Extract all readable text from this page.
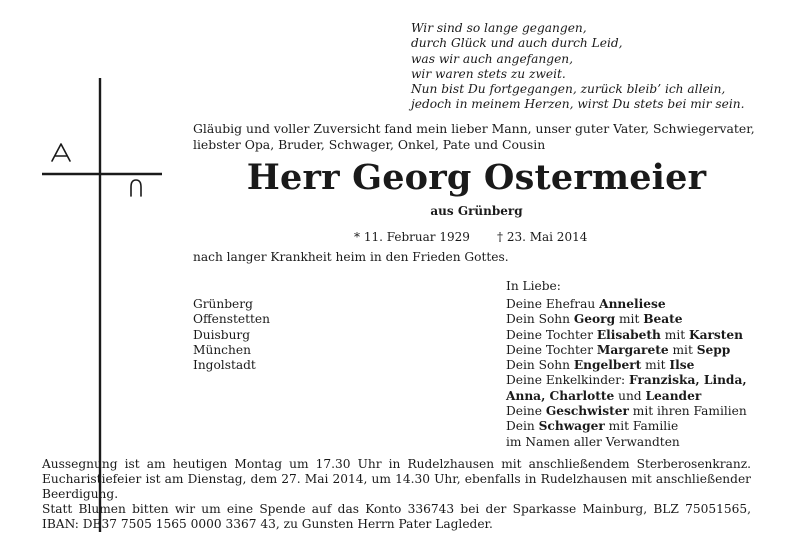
Wir sind so lange gegangen,
durch Glück und auch durch Leid,
was wir auch angefangen,
wir waren stets zu zweit.
Nun bist Du fortgegangen, zurück bleib’ ich allein,
jedoch in meinem Herzen, wirst Du stets bei mir sein.
Gläubig und voller Zuversicht fand mein lieber Mann, unser guter Vater, Schwiegervater,
liebster Opa, Bruder, Schwager, Onkel, Pate und Cousin
Herr Georg Ostermeier
aus Grünberg
* 11. Februar 1929 † 23. Mai 2014
nach langer Krankheit heim in den Frieden Gottes.
In Liebe:
Grünberg
Offenstetten
Duisburg
München
Ingolstadt
Deine Ehefrau Anneliese
Dein Sohn Georg mit Beate
Deine Tochter Elisabeth mit Karsten
Deine Tochter Margarete mit Sepp
Dein Sohn Engelbert mit Ilse
Deine Enkelkinder: Franziska, Linda,
Anna, Charlotte und Leander
Deine Geschwister mit ihren Familien
Dein Schwager mit Familie
im Namen aller Verwandten

Aussegnung ist am heutigen Montag um 17.30 Uhr in Rudelzhausen mit anschließendem Sterberosenkranz.

Eucharistiefeier ist am Dienstag, dem 27. Mai 2014, um 14.30 Uhr, ebenfalls in Rudelzhausen mit anschließender Beerdigung.

Statt Blumen bitten wir um eine Spende auf das Konto 336743 bei der Sparkasse Mainburg, BLZ 75051565, IBAN: DE37 7505 1565 0000 3367 43, zu Gunsten Herrn Pater Lagleder.
